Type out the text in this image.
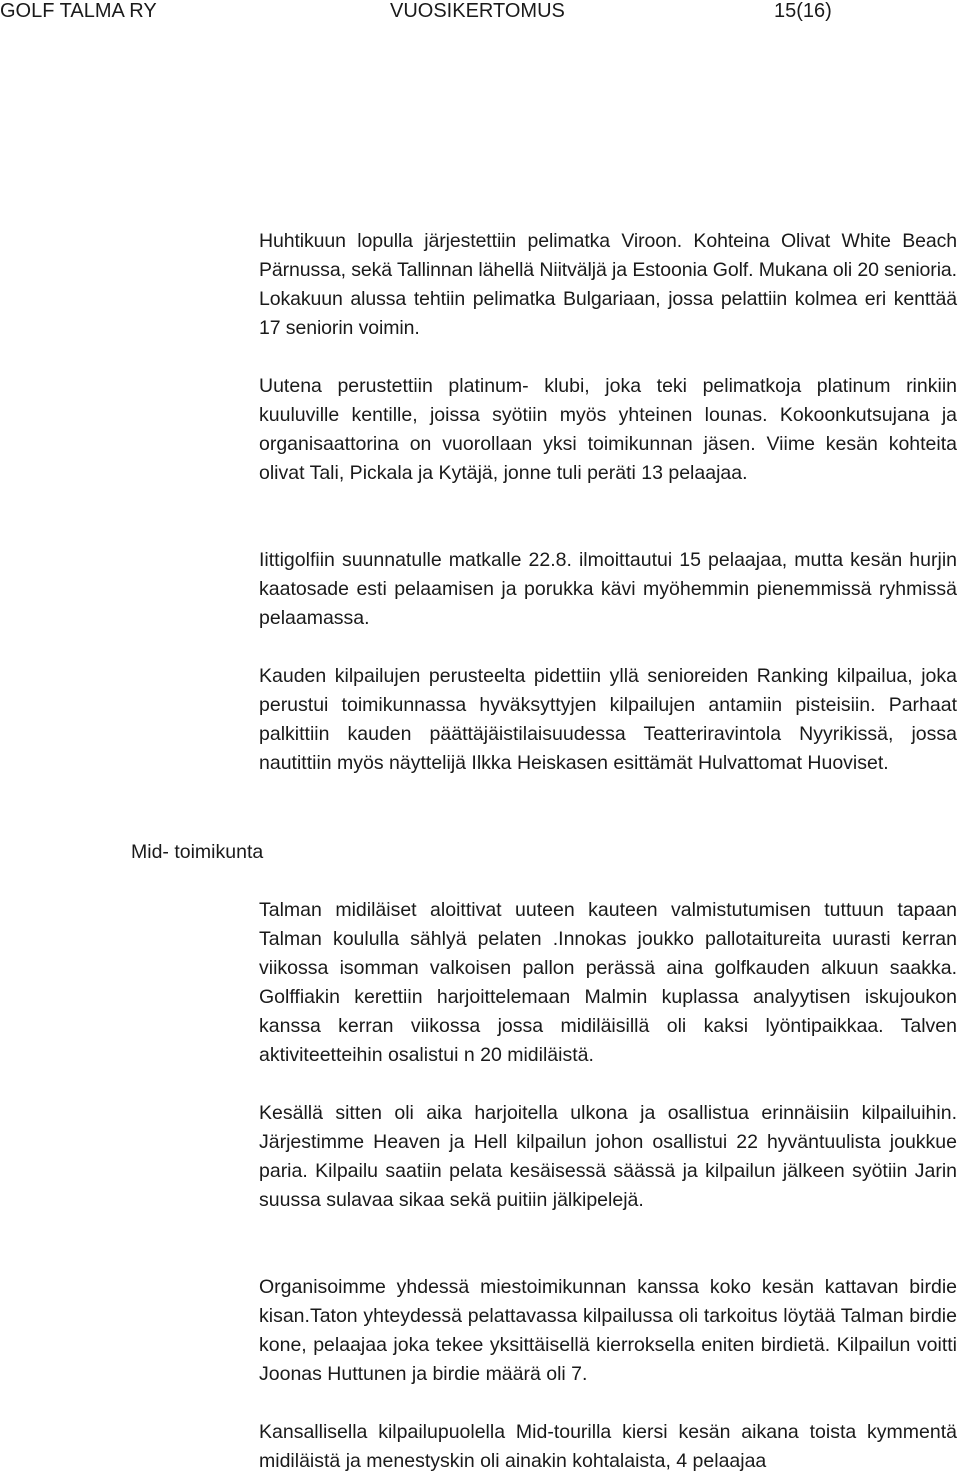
GOLF TALMA RY	VUOSIKERTOMUS	15(16)

Huhtikuun lopulla järjestettiin pelimatka Viroon. Kohteina Olivat White Beach Pärnussa, sekä Tallinnan lähellä Niitväljä ja Estoonia Golf. Mukana oli 20 senioria. Lokakuun alussa tehtiin pelimatka Bulgariaan, jossa pelattiin kolmea eri kenttää 17 seniorin voimin.

Uutena perustettiin platinum- klubi, joka teki pelimatkoja platinum rinkiin kuuluville kentille, joissa syötiin myös yhteinen lounas. Kokoonkutsujana ja organisaattorina on vuorollaan yksi toimikunnan jäsen. Viime kesän kohteita olivat Tali, Pickala ja Kytäjä, jonne tuli peräti 13 pelaajaa.

Iittigolfiin suunnatulle matkalle 22.8. ilmoittautui 15 pelaajaa, mutta kesän hurjin kaatosade esti pelaamisen ja porukka kävi myöhemmin pienemmissä ryhmissä pelaamassa.

Kauden kilpailujen perusteelta pidettiin yllä senioreiden Ranking kilpailua, joka perustui toimikunnassa hyväksyttyjen kilpailujen antamiin pisteisiin. Parhaat palkittiin kauden päättäjäistilaisuudessa Teatteriravintola Nyyrikissä, jossa nautittiin myös näyttelijä Ilkka Heiskasen esittämät Hulvattomat Huoviset.

Mid- toimikunta

Talman midiläiset aloittivat uuteen kauteen valmistutumisen tuttuun tapaan Talman koululla sählyä pelaten .Innokas joukko pallotaitureita uurasti kerran viikossa isomman valkoisen pallon perässä aina golfkauden alkuun saakka. Golffiakin kerettiin harjoittelemaan Malmin kuplassa analyytisen iskujoukon kanssa kerran viikossa jossa midiläisillä oli kaksi lyöntipaikkaa. Talven aktiviteetteihin osalistui n 20 midiläistä.

Kesällä sitten oli aika harjoitella ulkona ja osallistua erinnäisiin kilpailuihin. Järjestimme Heaven ja Hell kilpailun johon osallistui 22 hyväntuulista joukkue paria. Kilpailu saatiin pelata kesäisessä säässä ja kilpailun jälkeen syötiin Jarin suussa sulavaa sikaa sekä puitiin jälkipelejä.

Organisoimme yhdessä miestoimikunnan kanssa koko kesän kattavan birdie kisan.Taton yhteydessä pelattavassa kilpailussa oli tarkoitus löytää Talman birdie kone, pelaajaa joka tekee yksittäisellä kierroksella eniten birdietä. Kilpailun voitti Joonas Huttunen ja birdie määrä oli 7.

Kansallisella kilpailupuolella Mid-tourilla kiersi kesän aikana toista kymmentä midiläistä ja menestyskin oli ainakin kohtalaista, 4 pelaajaa
